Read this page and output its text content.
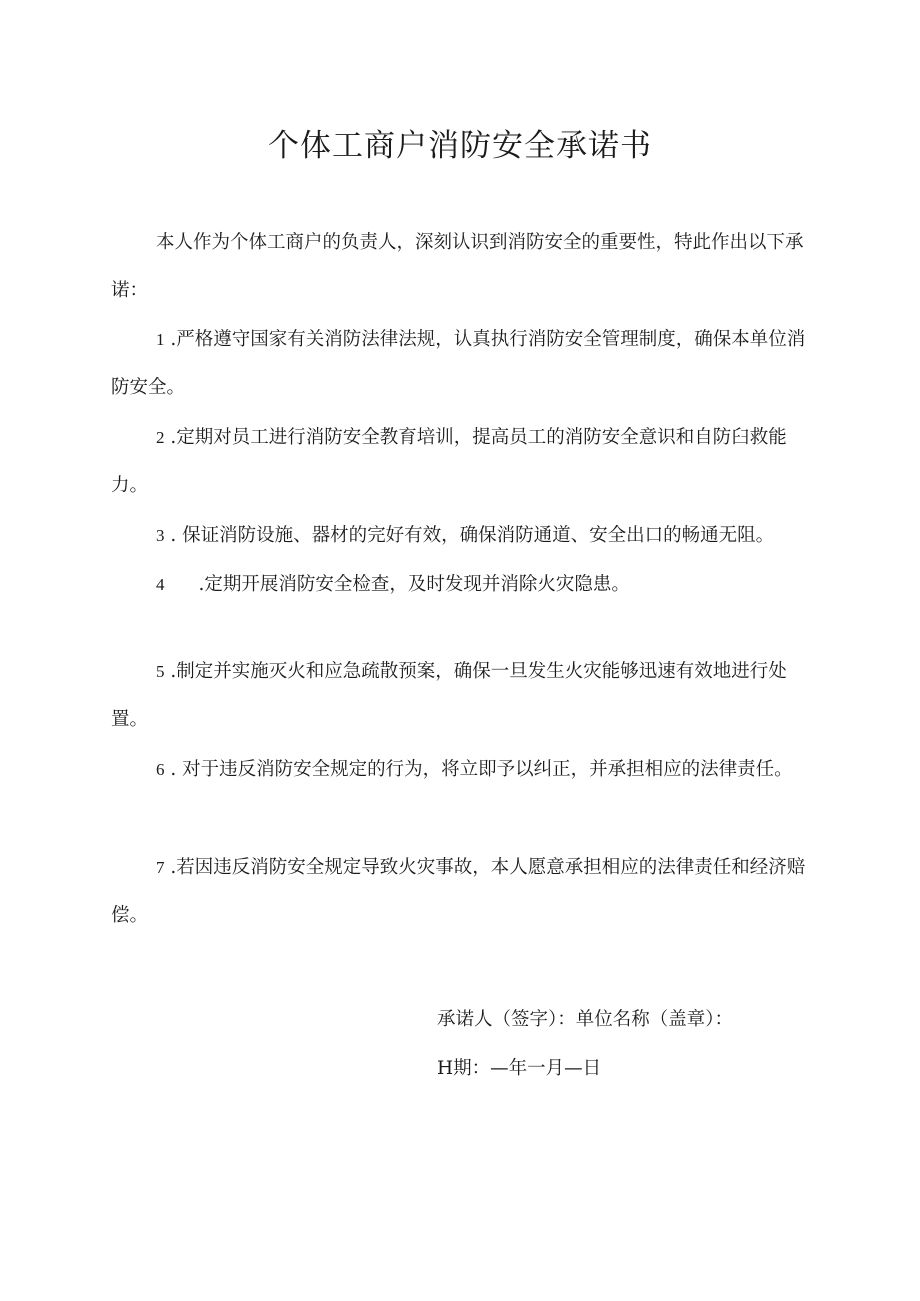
个体工商户消防安全承诺书

本人作为个体工商户的负责人，深刻认识到消防安全的重要性，特此作出以下承诺：

1 .严格遵守国家有关消防法律法规，认真执行消防安全管理制度，确保本单位消防安全。

2 .定期对员工进行消防安全教育培训，提高员工的消防安全意识和自防臼救能力。

3 . 保证消防设施、器材的完好有效，确保消防通道、安全出口的畅通无阻。

4 .定期开展消防安全检查，及时发现并消除火灾隐患。

5 .制定并实施灭火和应急疏散预案，确保一旦发生火灾能够迅速有效地进行处置。

6 . 对于违反消防安全规定的行为，将立即予以纠正，并承担相应的法律责任。

7 .若因违反消防安全规定导致火灾事故，本人愿意承担相应的法律责任和经济赔偿。

承诺人（签字）：单位名称（盖章）：

H期：—年一月—日
